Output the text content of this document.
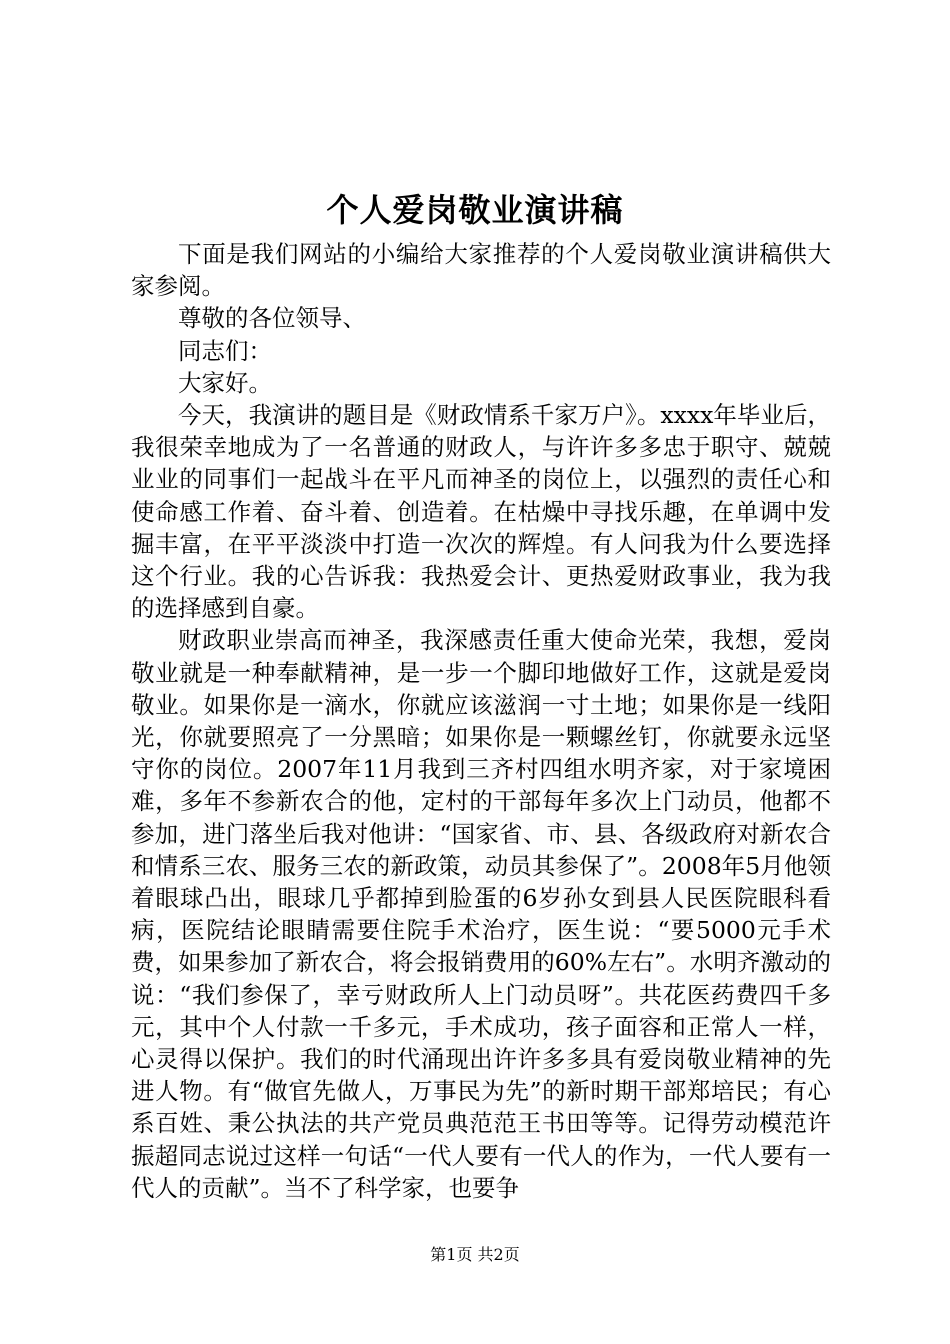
个人爱岗敬业演讲稿

下面是我们网站的小编给大家推荐的个人爱岗敬业演讲稿供大家参阅。

尊敬的各位领导、

同志们：

大家好。

今天，我演讲的题目是《财政情系千家万户》。xxxx年毕业后，我很荣幸地成为了一名普通的财政人，与许许多多忠于职守、兢兢业业的同事们一起战斗在平凡而神圣的岗位上，以强烈的责任心和使命感工作着、奋斗着、创造着。在枯燥中寻找乐趣，在单调中发掘丰富，在平平淡淡中打造一次次的辉煌。有人问我为什么要选择这个行业。我的心告诉我：我热爱会计、更热爱财政事业，我为我的选择感到自豪。

财政职业崇高而神圣，我深感责任重大使命光荣，我想，爱岗敬业就是一种奉献精神，是一步一个脚印地做好工作，这就是爱岗敬业。如果你是一滴水，你就应该滋润一寸土地；如果你是一线阳光，你就要照亮了一分黑暗；如果你是一颗螺丝钉，你就要永远坚守你的岗位。2007年11月我到三齐村四组水明齐家，对于家境困难，多年不参新农合的他，定村的干部每年多次上门动员，他都不参加，进门落坐后我对他讲：“国家省、市、县、各级政府对新农合和情系三农、服务三农的新政策，动员其参保了”。2008年5月他领着眼球凸出，眼球几乎都掉到脸蛋的6岁孙女到县人民医院眼科看病，医院结论眼睛需要住院手术治疗，医生说：“要5000元手术费，如果参加了新农合，将会报销费用的60%左右”。水明齐激动的说：“我们参保了，幸亏财政所人上门动员呀”。共花医药费四千多元，其中个人付款一千多元，手术成功，孩子面容和正常人一样，心灵得以保护。我们的时代涌现出许许多多具有爱岗敬业精神的先进人物。有“做官先做人，万事民为先”的新时期干部郑培民；有心系百姓、秉公执法的共产党员典范范王书田等等。记得劳动模范许振超同志说过这样一句话“一代人要有一代人的作为，一代人要有一代人的贡献”。当不了科学家，也要争

第1页 共2页
